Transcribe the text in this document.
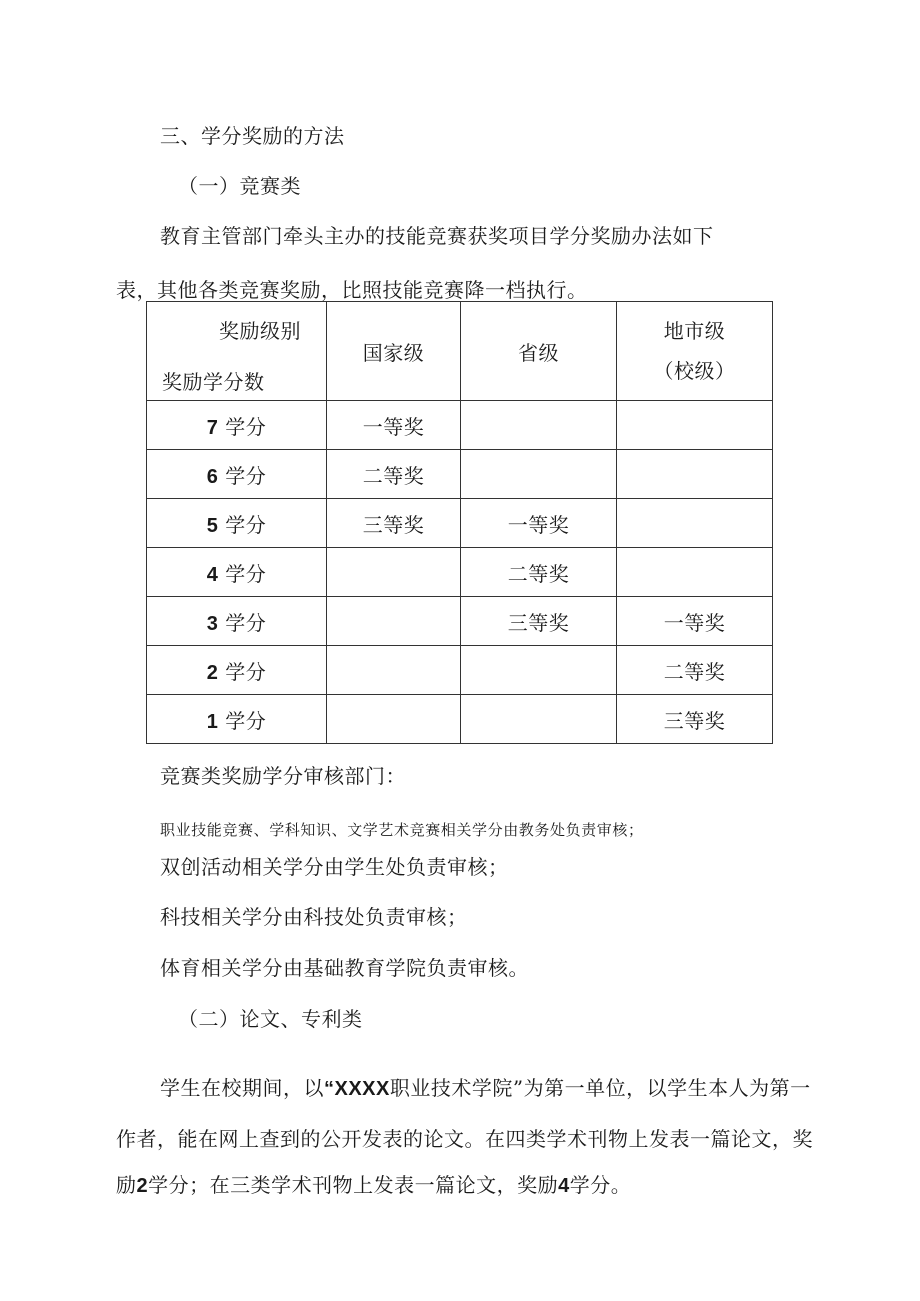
三、学分奖励的方法
（一）竞赛类
教育主管部门牵头主办的技能竞赛获奖项目学分奖励办法如下
表，其他各类竞赛奖励，比照技能竞赛降一档执行。
奖励级别
奖励学分数	国家级	省级	地市级
（校级）

7 学分	一等奖		
6 学分	二等奖		
5 学分	三等奖	一等奖	
4 学分		二等奖	
3 学分		三等奖	一等奖
2 学分			二等奖
1 学分			三等奖
竞赛类奖励学分审核部门：
职业技能竞赛、学科知识、文学艺术竞赛相关学分由教务处负责审核；
双创活动相关学分由学生处负责审核；
科技相关学分由科技处负责审核；
体育相关学分由基础教育学院负责审核。
（二）论文、专利类
学生在校期间，以“XXXX职业技术学院”为第一单位，以学生本人为第一
作者，能在网上查到的公开发表的论文。在四类学术刊物上发表一篇论文，奖
励2学分；在三类学术刊物上发表一篇论文，奖励4学分。
